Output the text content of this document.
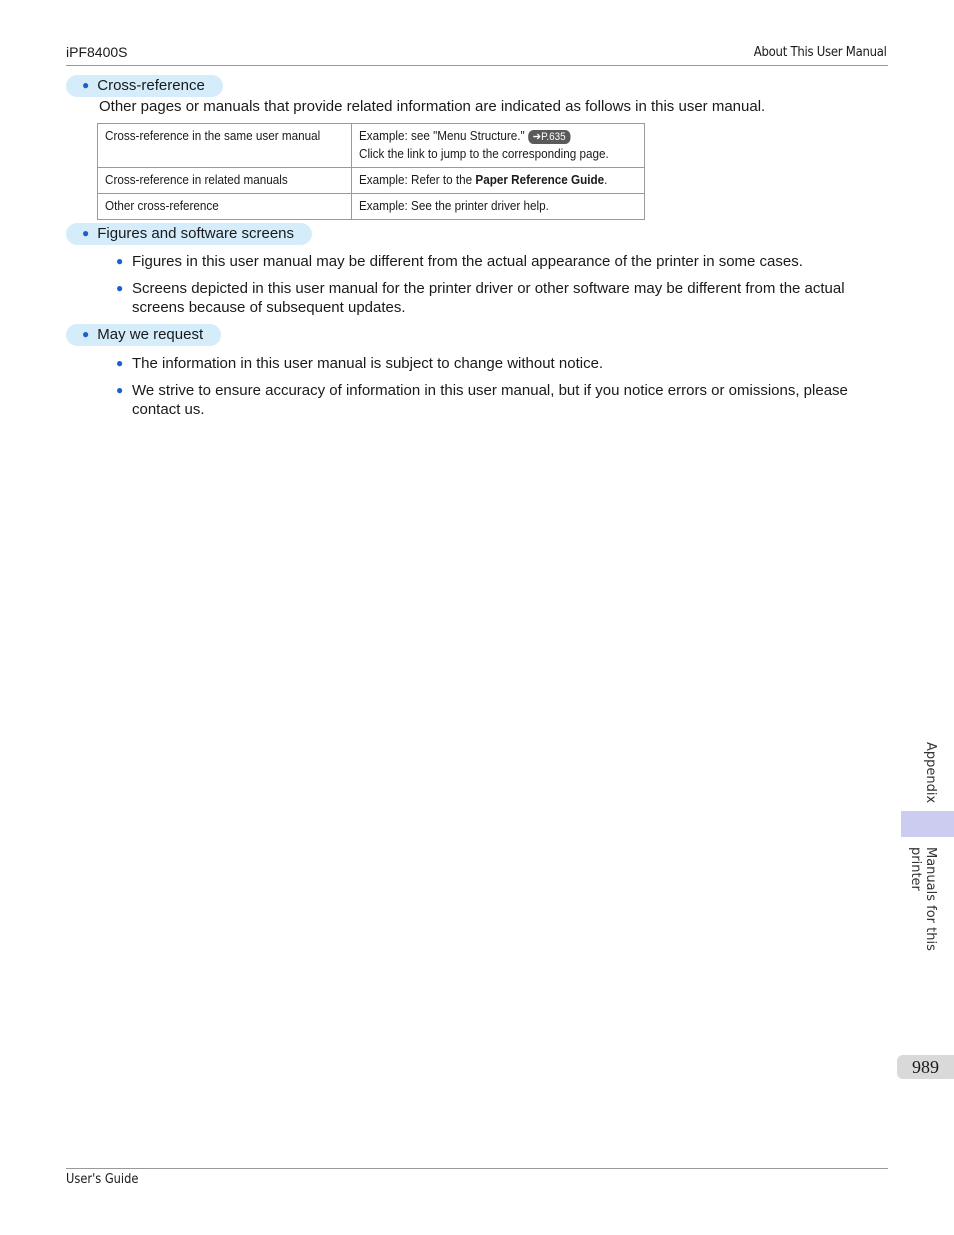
iPF8400S	About This User Manual
● Cross-reference
Other pages or manuals that provide related information are indicated as follows in this user manual.
Cross-reference in the same user manual	Example: see "Menu Structure." ➔P.635
Click the link to jump to the corresponding page.
Cross-reference in related manuals	Example: Refer to the Paper Reference Guide.
Other cross-reference	Example: See the printer driver help.
● Figures and software screens
● Figures in this user manual may be different from the actual appearance of the printer in some cases.
● Screens depicted in this user manual for the printer driver or other software may be different from the actual screens because of subsequent updates.
● May we request
● The information in this user manual is subject to change without notice.
● We strive to ensure accuracy of information in this user manual, but if you notice errors or omissions, please contact us.
Appendix
Manuals for this printer
989
User's Guide
